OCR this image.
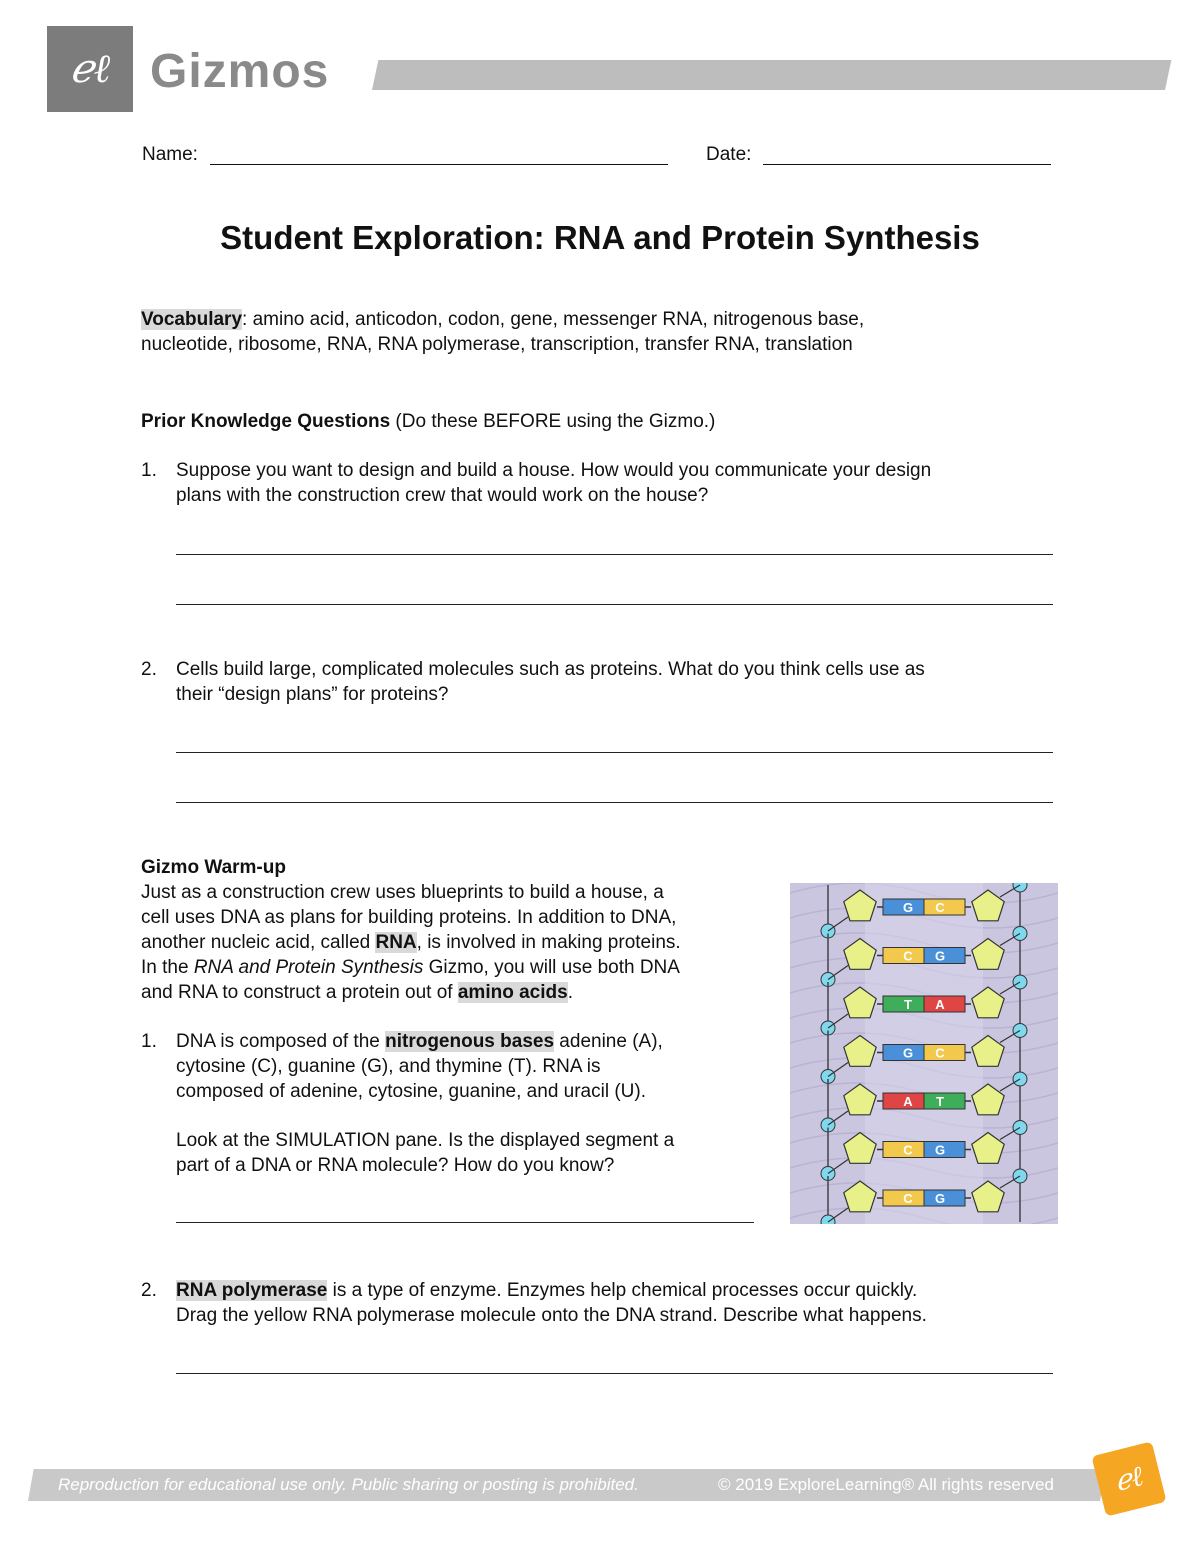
ℯℓ Gizmos
Name:	Date:
Student Exploration: RNA and Protein Synthesis
Vocabulary: amino acid, anticodon, codon, gene, messenger RNA, nitrogenous base,
nucleotide, ribosome, RNA, RNA polymerase, transcription, transfer RNA, translation
Prior Knowledge Questions (Do these BEFORE using the Gizmo.)
1.	Suppose you want to design and build a house. How would you communicate your design
plans with the construction crew that would work on the house?
2.	Cells build large, complicated molecules such as proteins. What do you think cells use as
their “design plans” for proteins?
Gizmo Warm-up
Just as a construction crew uses blueprints to build a house, a
cell uses DNA as plans for building proteins. In addition to DNA,
another nucleic acid, called RNA, is involved in making proteins.
In the RNA and Protein Synthesis Gizmo, you will use both DNA
and RNA to construct a protein out of amino acids.
1.	DNA is composed of the nitrogenous bases adenine (A),
cytosine (C), guanine (G), and thymine (T). RNA is
composed of adenine, cytosine, guanine, and uracil (U).
Look at the SIMULATION pane. Is the displayed segment a
part of a DNA or RNA molecule? How do you know?
G C
C G
T A
G C
A T
C G
C G
2.	RNA polymerase is a type of enzyme. Enzymes help chemical processes occur quickly.
Drag the yellow RNA polymerase molecule onto the DNA strand. Describe what happens.
Reproduction for educational use only. Public sharing or posting is prohibited.	© 2019 ExploreLearning® All rights reserved	ℯℓ
